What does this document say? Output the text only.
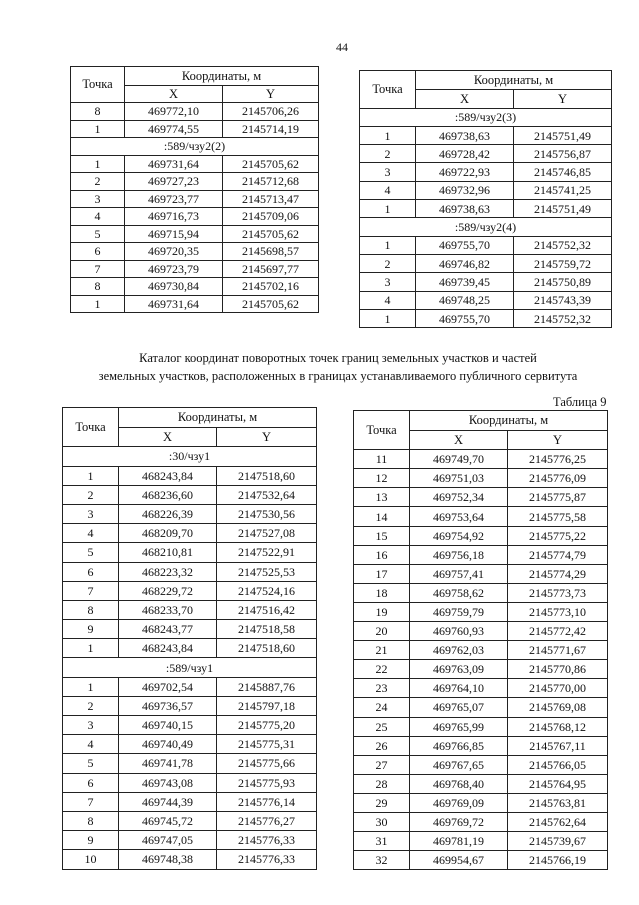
44
Точка	Координаты, м	
	X	Y
8	469772,10	2145706,26
1	469774,55	2145714,19
:589/чзу2(2)		
1	469731,64	2145705,62
2	469727,23	2145712,68
3	469723,77	2145713,47
4	469716,73	2145709,06
5	469715,94	2145705,62
6	469720,35	2145698,57
7	469723,79	2145697,77
8	469730,84	2145702,16
1	469731,64	2145705,62
Точка	Координаты, м	
	X	Y
:589/чзу2(3)		
1	469738,63	2145751,49
2	469728,42	2145756,87
3	469722,93	2145746,85
4	469732,96	2145741,25
1	469738,63	2145751,49
:589/чзу2(4)		
1	469755,70	2145752,32
2	469746,82	2145759,72
3	469739,45	2145750,89
4	469748,25	2145743,39
1	469755,70	2145752,32
Каталог координат поворотных точек границ земельных участков и частей
земельных участков, расположенных в границах устанавливаемого публичного сервитута
Таблица 9
Точка	Координаты, м	
	X	Y
:30/чзу1		
1	468243,84	2147518,60
2	468236,60	2147532,64
3	468226,39	2147530,56
4	468209,70	2147527,08
5	468210,81	2147522,91
6	468223,32	2147525,53
7	468229,72	2147524,16
8	468233,70	2147516,42
9	468243,77	2147518,58
1	468243,84	2147518,60
:589/чзу1		
1	469702,54	2145887,76
2	469736,57	2145797,18
3	469740,15	2145775,20
4	469740,49	2145775,31
5	469741,78	2145775,66
6	469743,08	2145775,93
7	469744,39	2145776,14
8	469745,72	2145776,27
9	469747,05	2145776,33
10	469748,38	2145776,33
Точка	Координаты, м	
	X	Y
11	469749,70	2145776,25
12	469751,03	2145776,09
13	469752,34	2145775,87
14	469753,64	2145775,58
15	469754,92	2145775,22
16	469756,18	2145774,79
17	469757,41	2145774,29
18	469758,62	2145773,73
19	469759,79	2145773,10
20	469760,93	2145772,42
21	469762,03	2145771,67
22	469763,09	2145770,86
23	469764,10	2145770,00
24	469765,07	2145769,08
25	469765,99	2145768,12
26	469766,85	2145767,11
27	469767,65	2145766,05
28	469768,40	2145764,95
29	469769,09	2145763,81
30	469769,72	2145762,64
31	469781,19	2145739,67
32	469954,67	2145766,19
